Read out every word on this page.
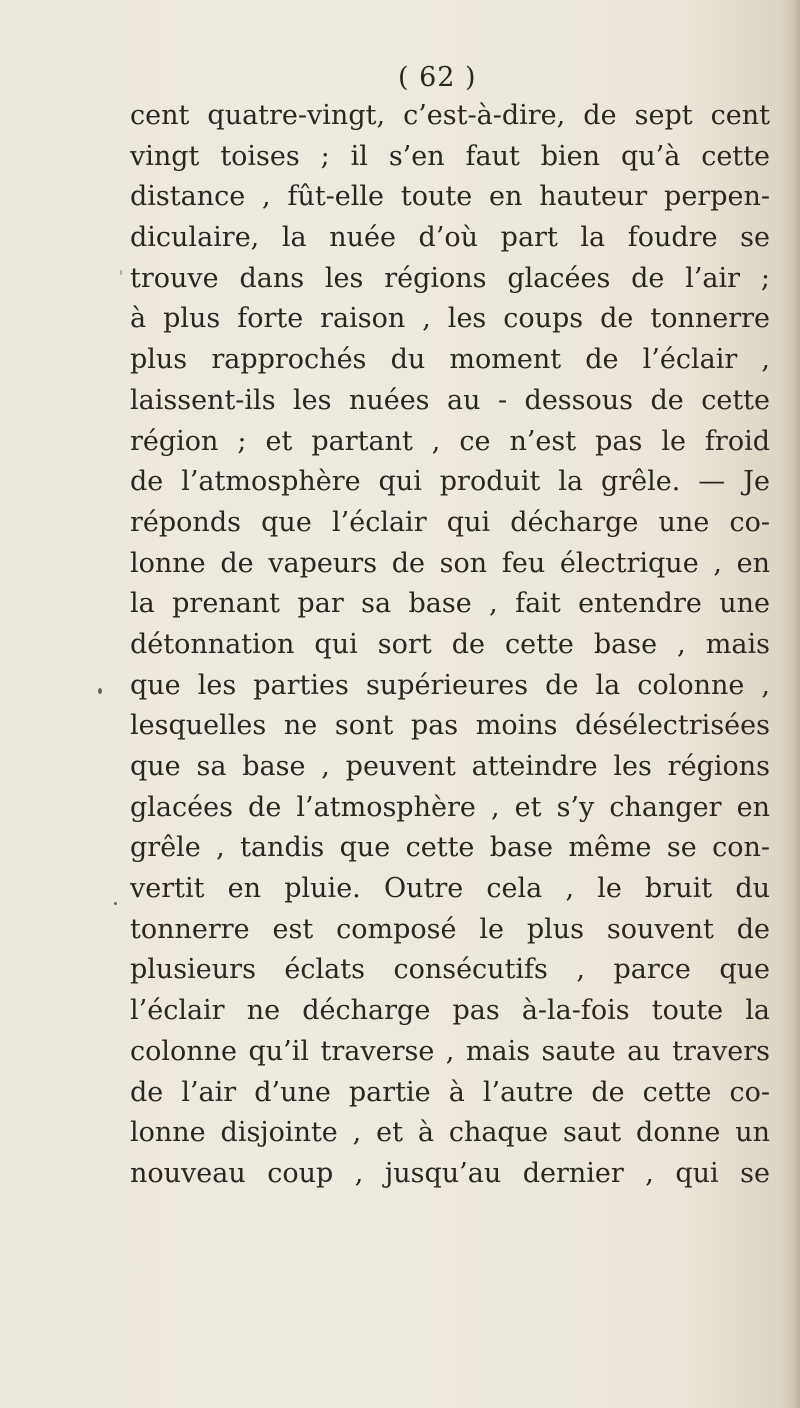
( 62 )
cent quatre-vingt, c’est-à-dire, de sept cent
vingt toises ; il s’en faut bien qu’à cette
distance , fût-elle toute en hauteur perpen-
diculaire, la nuée d’où part la foudre se
trouve dans les régions glacées de l’air ;
à plus forte raison , les coups de tonnerre
plus rapprochés du moment de l’éclair ,
laissent-ils les nuées au - dessous de cette
région ; et partant , ce n’est pas le froid
de l’atmosphère qui produit la grêle. — Je
réponds que l’éclair qui décharge une co-
lonne de vapeurs de son feu électrique , en
la prenant par sa base , fait entendre une
détonnation qui sort de cette base , mais
que les parties supérieures de la colonne ,
lesquelles ne sont pas moins désélectrisées
que sa base , peuvent atteindre les régions
glacées de l’atmosphère , et s’y changer en
grêle , tandis que cette base même se con-
vertit en pluie. Outre cela , le bruit du
tonnerre est composé le plus souvent de
plusieurs éclats consécutifs , parce que
l’éclair ne décharge pas à-la-fois toute la
colonne qu’il traverse , mais saute au travers
de l’air d’une partie à l’autre de cette co-
lonne disjointe , et à chaque saut donne un
nouveau coup , jusqu’au dernier , qui se
